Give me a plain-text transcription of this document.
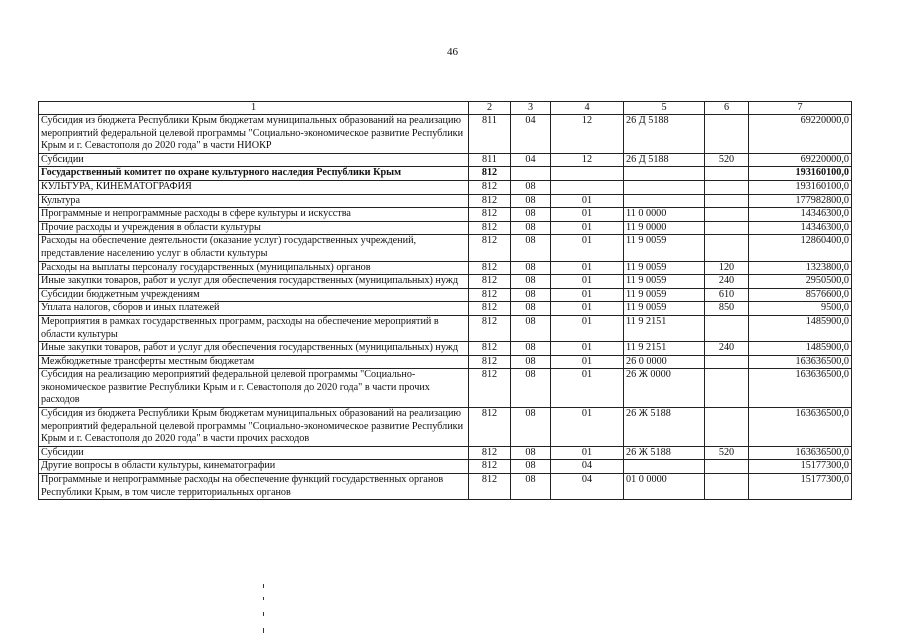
46
1	2	3	4	5	6	7
Субсидия из бюджета Республики Крым бюджетам муниципальных образований на реализацию мероприятий федеральной целевой программы "Социально-экономическое развитие Республики Крым и г. Севастополя до 2020 года" в части НИОКР	811	04	12	26 Д 5188		69220000,0
Субсидии	811	04	12	26 Д 5188	520	69220000,0
Государственный комитет по охране культурного наследия Республики Крым	812					193160100,0
КУЛЬТУРА, КИНЕМАТОГРАФИЯ	812	08				193160100,0
Культура	812	08	01			177982800,0
Программные и непрограммные расходы в сфере культуры и искусства	812	08	01	11 0 0000		14346300,0
Прочие расходы и учреждения в области культуры	812	08	01	11 9 0000		14346300,0
Расходы на обеспечение деятельности (оказание услуг) государственных учреждений, представление населению услуг в области культуры	812	08	01	11 9 0059		12860400,0
Расходы на выплаты персоналу государственных (муниципальных) органов	812	08	01	11 9 0059	120	1323800,0
Иные закупки товаров, работ и услуг для обеспечения государственных (муниципальных) нужд	812	08	01	11 9 0059	240	2950500,0
Субсидии бюджетным учреждениям	812	08	01	11 9 0059	610	8576600,0
Уплата налогов, сборов и иных платежей	812	08	01	11 9 0059	850	9500,0
Мероприятия в рамках государственных программ, расходы на обеспечение мероприятий в области культуры	812	08	01	11 9 2151		1485900,0
Иные закупки товаров, работ и услуг для обеспечения государственных (муниципальных) нужд	812	08	01	11 9 2151	240	1485900,0
Межбюджетные трансферты местным бюджетам	812	08	01	26 0 0000		163636500,0
Субсидия на реализацию мероприятий федеральной целевой программы "Социально-экономическое развитие Республики Крым и г. Севастополя до 2020 года" в части прочих расходов	812	08	01	26 Ж 0000		163636500,0
Субсидия из бюджета Республики Крым бюджетам муниципальных образований на реализацию мероприятий федеральной целевой программы "Социально-экономическое развитие Республики Крым и г. Севастополя до 2020 года" в части прочих расходов	812	08	01	26 Ж 5188		163636500,0
Субсидии	812	08	01	26 Ж 5188	520	163636500,0
Другие вопросы в области культуры, кинематографии	812	08	04			15177300,0
Программные и непрограммные расходы на обеспечение функций государственных органов Республики Крым, в том числе территориальных органов	812	08	04	01 0 0000		15177300,0
